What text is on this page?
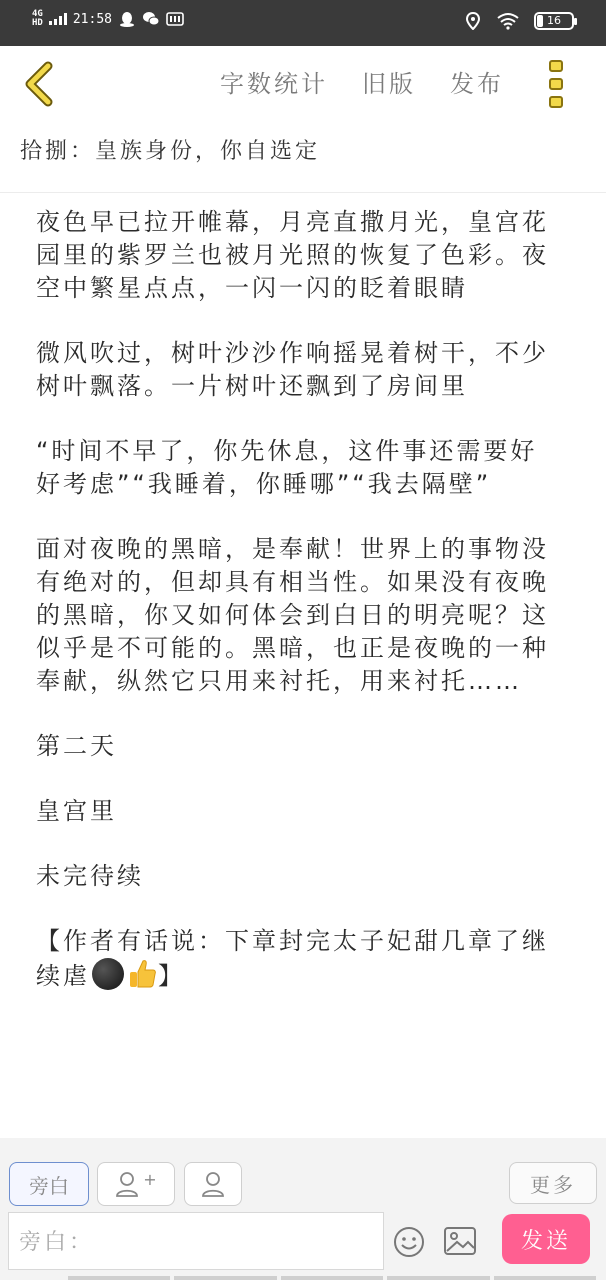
4G
HD 21:58	16
字数统计 旧版 发布
拾捌：皇族身份，你自选定

夜色早已拉开帷幕，月亮直撒月光，皇宫花园里的紫罗兰也被月光照的恢复了色彩。夜空中繁星点点，一闪一闪的眨着眼睛

微风吹过，树叶沙沙作响摇晃着树干，不少树叶飘落。一片树叶还飘到了房间里

“时间不早了，你先休息，这件事还需要好好考虑”“我睡着，你睡哪”“我去隔壁”

面对夜晚的黑暗，是奉献！世界上的事物没有绝对的，但却具有相当性。如果没有夜晚的黑暗，你又如何体会到白日的明亮呢？这似乎是不可能的。黑暗，也正是夜晚的一种奉献，纵然它只用来衬托，用来衬托……

第二天

皇宫里

未完待续

【作者有话说：下章封完太子妃甜几章了继续虐	】

旁白	+	更多
旁白：	发送
